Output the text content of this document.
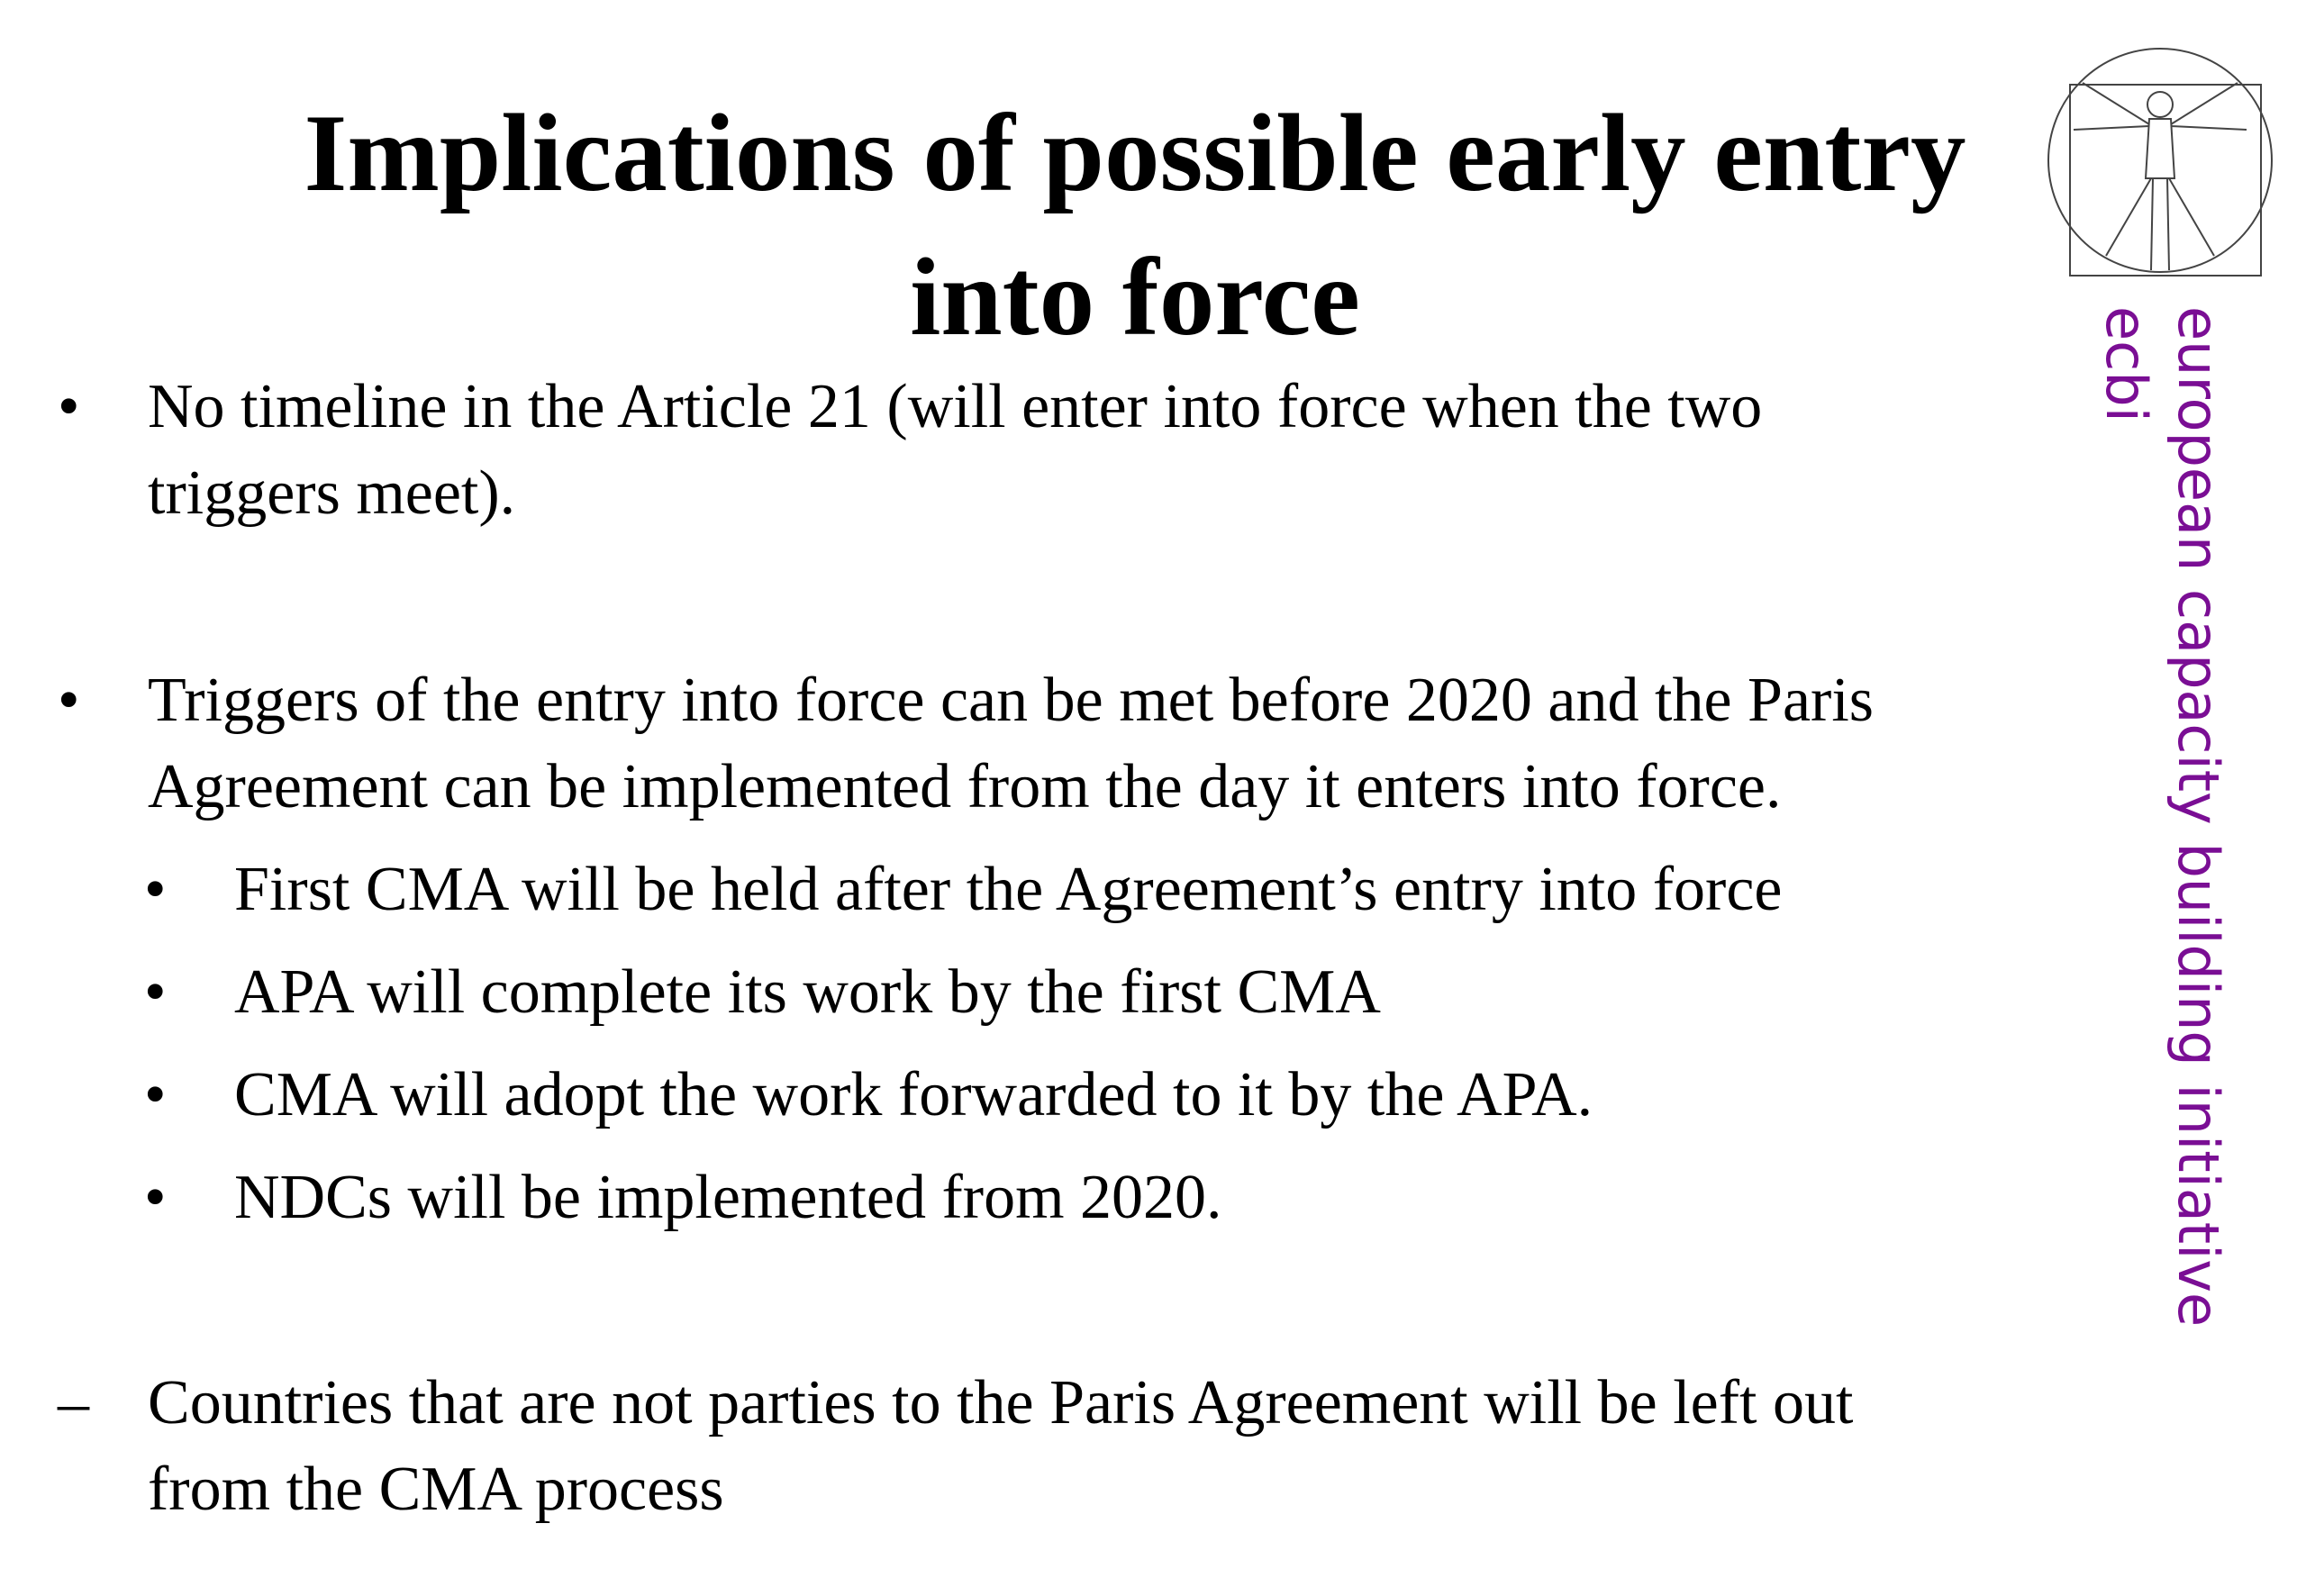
Implications of possible early entry
into force
• No timeline in the Article 21 (will enter into force when the two
triggers meet).
• Triggers of the entry into force can be met before 2020 and the Paris
Agreement can be implemented from the day it enters into force.
• First CMA will be held after the Agreement’s entry into force
• APA will complete its work by the first CMA
• CMA will adopt the work forwarded to it by the APA.
• NDCs will be implemented from 2020.
– Countries that are not parties to the Paris Agreement will be left out
from the CMA process
european capacity building initiative
ecbi
